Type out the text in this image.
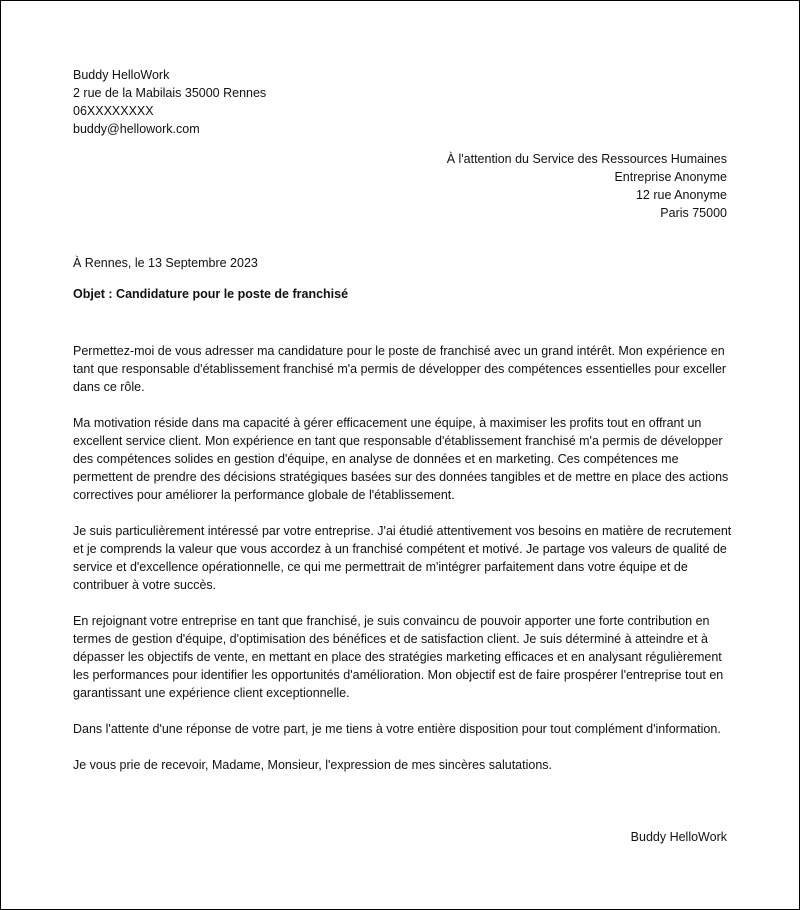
Buddy HelloWork
2 rue de la Mabilais 35000 Rennes
06XXXXXXXX
buddy@hellowork.com
À l'attention du Service des Ressources Humaines
Entreprise Anonyme
12 rue Anonyme
Paris 75000
À Rennes, le 13 Septembre 2023
Objet : Candidature pour le poste de franchisé

Permettez-moi de vous adresser ma candidature pour le poste de franchisé avec un grand intérêt. Mon expérience en tant que responsable d'établissement franchisé m'a permis de développer des compétences essentielles pour exceller dans ce rôle.

Ma motivation réside dans ma capacité à gérer efficacement une équipe, à maximiser les profits tout en offrant un excellent service client. Mon expérience en tant que responsable d'établissement franchisé m'a permis de développer des compétences solides en gestion d'équipe, en analyse de données et en marketing. Ces compétences me permettent de prendre des décisions stratégiques basées sur des données tangibles et de mettre en place des actions correctives pour améliorer la performance globale de l'établissement.

Je suis particulièrement intéressé par votre entreprise. J'ai étudié attentivement vos besoins en matière de recrutement et je comprends la valeur que vous accordez à un franchisé compétent et motivé. Je partage vos valeurs de qualité de service et d'excellence opérationnelle, ce qui me permettrait de m'intégrer parfaitement dans votre équipe et de contribuer à votre succès.

En rejoignant votre entreprise en tant que franchisé, je suis convaincu de pouvoir apporter une forte contribution en termes de gestion d'équipe, d'optimisation des bénéfices et de satisfaction client. Je suis déterminé à atteindre et à dépasser les objectifs de vente, en mettant en place des stratégies marketing efficaces et en analysant régulièrement les performances pour identifier les opportunités d'amélioration. Mon objectif est de faire prospérer l'entreprise tout en garantissant une expérience client exceptionnelle.

Dans l'attente d'une réponse de votre part, je me tiens à votre entière disposition pour tout complément d'information.

Je vous prie de recevoir, Madame, Monsieur, l'expression de mes sincères salutations.

Buddy HelloWork
